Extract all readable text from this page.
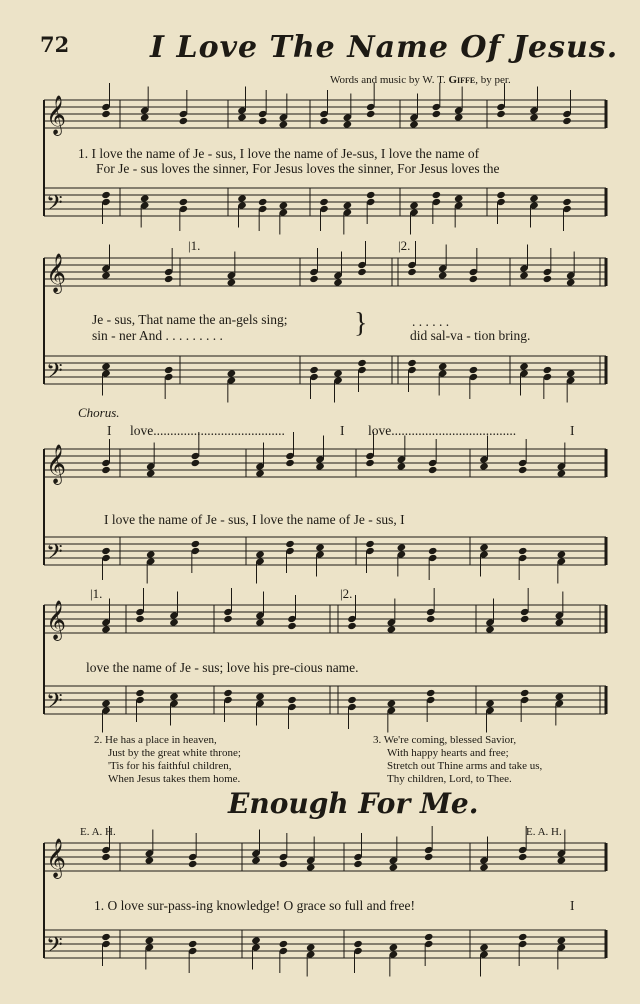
72	I Love The Name Of Jesus.
Words and music by W. T. Giffe, by per.
𝄞
𝄢
𝄞
𝄢
𝄞
𝄢
𝄞
𝄢
𝄞
𝄢
1. I love the name of Je - sus, I love the name of Je-sus, I love the name of
For Je - sus loves the sinner, For Jesus loves the sinner, For Jesus loves the
|1.	|2.
Je - sus, That name the an-gels sing;
sin - ner And . . . . . . . . .	}	. . . . . .
did sal-va - tion bring.
Chorus.
I love.......................................	I love.....................................	I
I love the name of Je - sus, I love the name of Je - sus, I
|1.	|2.
love the name of Je - sus; love his pre-cious name.
2. He has a place in heaven,
Just by the great white throne;
'Tis for his faithful children,
When Jesus takes them home.
3. We're coming, blessed Savior,
With happy hearts and free;
Stretch out Thine arms and take us,
Thy children, Lord, to Thee.
Enough For Me.
E. A. H.	E. A. H.
1. O love sur-pass-ing knowledge! O grace so full and free!	I
